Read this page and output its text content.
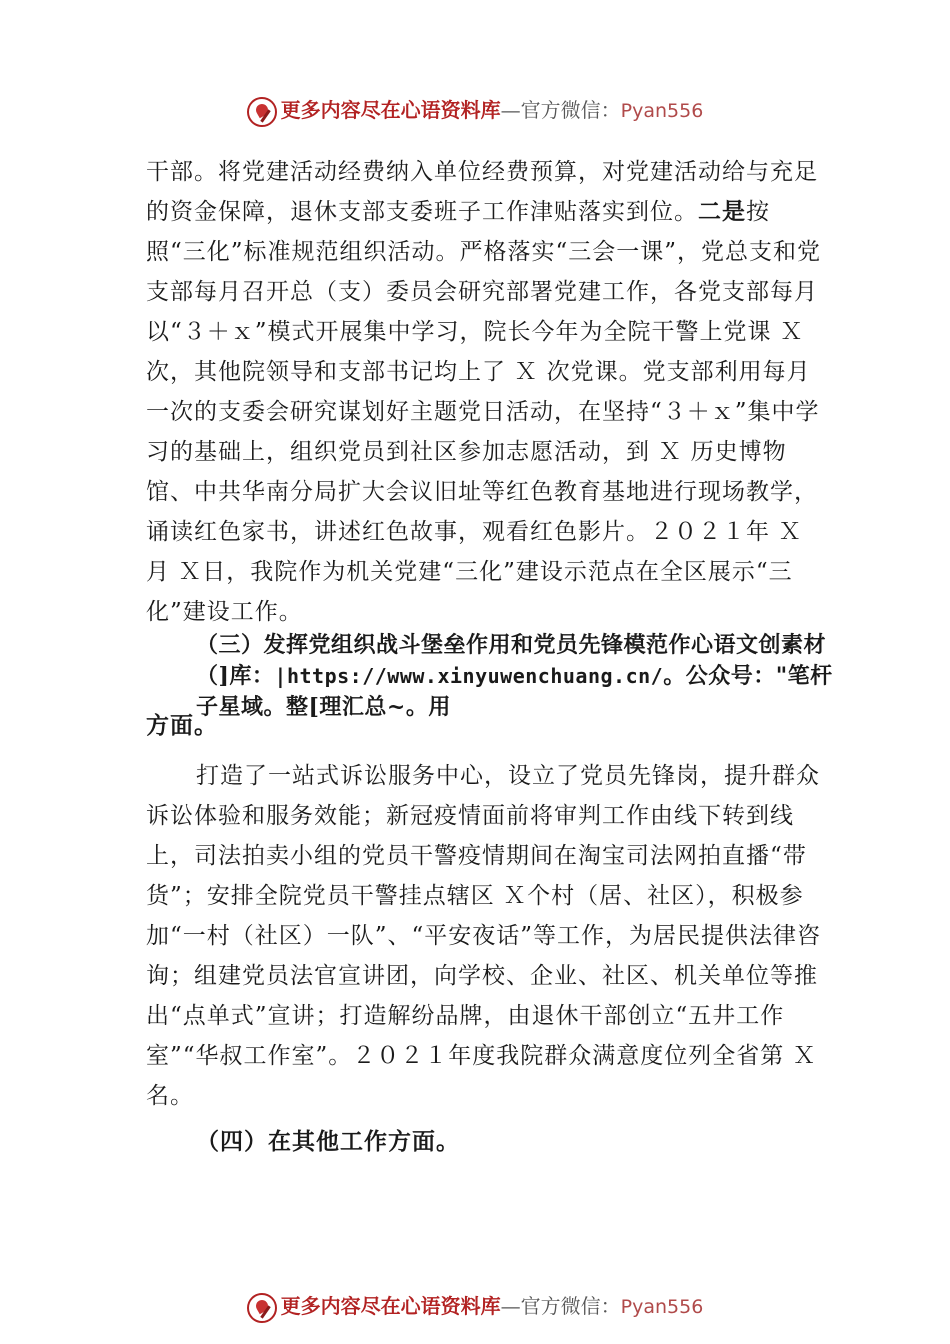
更多内容尽在心语资料库—官方微信：Pyan556

干部。将党建活动经费纳入单位经费预算，对党建活动给与充足的资金保障，退休支部支委班子工作津贴落实到位。二是按照“三化”标准规范组织活动。严格落实“三会一课”，党总支和党支部每月召开总（支）委员会研究部署党建工作，各党支部每月以“３＋ｘ”模式开展集中学习，院长今年为全院干警上党课 Ｘ 次，其他院领导和支部书记均上了 Ｘ 次党课。党支部利用每月一次的支委会研究谋划好主题党日活动，在坚持“３＋ｘ”集中学习的基础上，组织党员到社区参加志愿活动，到 Ｘ 历史博物馆、中共华南分局扩大会议旧址等红色教育基地进行现场教学，诵读红色家书，讲述红色故事，观看红色影片。２０２１年 Ｘ月 Ｘ日，我院作为机关党建“三化”建设示范点在全区展示“三化”建设工作。

（三）发挥党组织战斗堡垒作用和党员先锋模范作心语文创素材（]库：|https://www.xinyuwenchuang.cn/。公众号："笔杆子星域。整[理汇总~。用

方面。

打造了一站式诉讼服务中心，设立了党员先锋岗，提升群众诉讼体验和服务效能；新冠疫情面前将审判工作由线下转到线上，司法拍卖小组的党员干警疫情期间在淘宝司法网拍直播“带货”；安排全院党员干警挂点辖区 Ｘ个村（居、社区），积极参加“一村（社区）一队”、“平安夜话”等工作，为居民提供法律咨询；组建党员法官宣讲团，向学校、企业、社区、机关单位等推出“点单式”宣讲；打造解纷品牌，由退休干部创立“五井工作室”“华叔工作室”。２０２１年度我院群众满意度位列全省第 Ｘ 名。

（四）在其他工作方面。

更多内容尽在心语资料库—官方微信：Pyan556
